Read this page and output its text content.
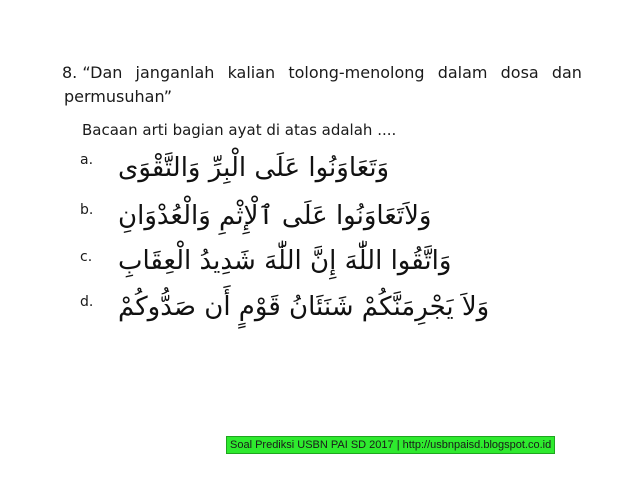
8. “Dan janganlah kalian tolong-menolong dalam dosa dan
permusuhan”
Bacaan arti bagian ayat di atas adalah ....
a. وَتَعَاوَنُوا عَلَى الْبِرِّ وَالتَّقْوَى
b. وَلاَتَعَاوَنُوا عَلَى ٱلْإِثْمِ وَالْعُدْوَانِ
c. وَاتَّقُوا اللّٰهَ إِنَّ اللّٰهَ شَدِيدُ الْعِقَابِ
d. وَلاَ يَجْرِمَنَّكُمْ شَنَئَانُ قَوْمٍ أَن صَدُّوكُمْ
Soal Prediksi USBN PAI SD 2017 | http://usbnpaisd.blogspot.co.id
